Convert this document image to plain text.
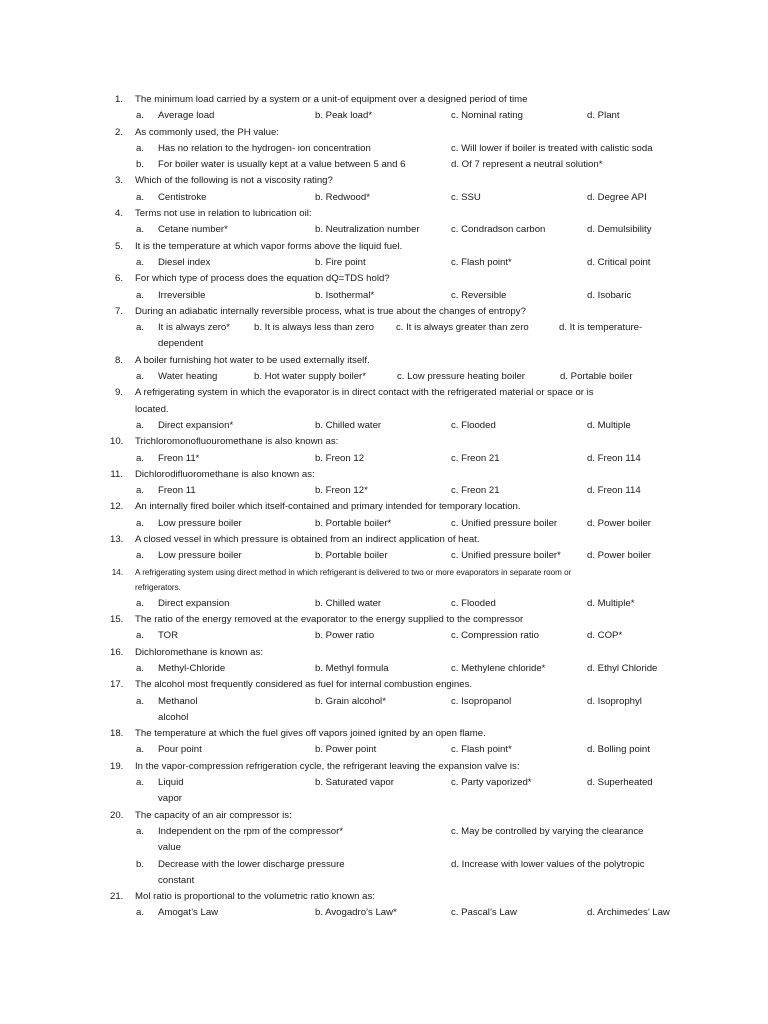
1. The minimum load carried by a system or a unit-of equipment over a designed period of time
a. Average load	b. Peak load*	c. Nominal rating	d. Plant
2. As commonly used, the PH value:
a. Has no relation to the hydrogen- ion concentration	c. Will lower if boiler is treated with calistic soda
b. For boiler water is usually kept at a value between 5 and 6	d. Of 7 represent a neutral solution*
3. Which of the following is not a viscosity rating?
a. Centistroke	b. Redwood*	c. SSU	d. Degree API
4. Terms not use in relation to lubrication oil:
a. Cetane number*	b. Neutralization number	c. Condradson carbon	d. Demulsibility
5. It is the temperature at which vapor forms above the liquid fuel.
a. Diesel index	b. Fire point	c. Flash point*	d. Critical point
6. For which type of process does the equation dQ=TDS hold?
a. Irreversible	b. Isothermal*	c. Reversible	d. Isobaric
7. During an adiabatic internally reversible process, what is true about the changes of entropy?
a. It is always zero*	b. It is always less than zero c. It is always greater than zero	d. It is temperature-
dependent
8. A boiler furnishing hot water to be used externally itself.
a. Water heating	b. Hot water supply boiler*	c. Low pressure heating boiler	d. Portable boiler
9. A refrigerating system in which the evaporator is in direct contact with the refrigerated material or space or is
located.
a. Direct expansion*	b. Chilled water	c. Flooded	d. Multiple
10. Trichloromonofluouromethane is also known as:
a. Freon 11*	b. Freon 12	c. Freon 21	d. Freon 114
11. Dichlorodifluoromethane is also known as:
a. Freon 11	b. Freon 12*	c. Freon 21	d. Freon 114
12. An internally fired boiler which itself-contained and primary intended for temporary location.
a. Low pressure boiler	b. Portable boiler*	c. Unified pressure boiler	d. Power boiler
13. A closed vessel in which pressure is obtained from an indirect application of heat.
a. Low pressure boiler	b. Portable boiler	c. Unified pressure boiler*	d. Power boiler
14. A refrigerating system using direct method in which refrigerant is delivered to two or more evaporators in separate room or
refrigerators.
a. Direct expansion	b. Chilled water	c. Flooded	d. Multiple*
15. The ratio of the energy removed at the evaporator to the energy supplied to the compressor
a. TOR	b. Power ratio	c. Compression ratio	d. COP*
16. Dichloromethane is known as:
a. Methyl-Chloride	b. Methyl formula	c. Methylene chloride*	d. Ethyl Chloride
17. The alcohol most frequently considered as fuel for internal combustion engines.
a. Methanol	b. Grain alcohol*	c. Isopropanol	d. Isoprophyl
alcohol
18. The temperature at which the fuel gives off vapors joined ignited by an open flame.
a. Pour point	b. Power point	c. Flash point*	d. Bolling point
19. In the vapor-compression refrigeration cycle, the refrigerant leaving the expansion valve is:
a. Liquid	b. Saturated vapor	c. Party vaporized*	d. Superheated
vapor
20. The capacity of an air compressor is:
a. Independent on the rpm of the compressor*	c. May be controlled by varying the clearance
value
b. Decrease with the lower discharge pressure	d. Increase with lower values of the polytropic
constant
21. Mol ratio is proportional to the volumetric ratio known as:
a. Amogat’s Law	b. Avogadro’s Law*	c. Pascal’s Law	d. Archimedes’ Law
